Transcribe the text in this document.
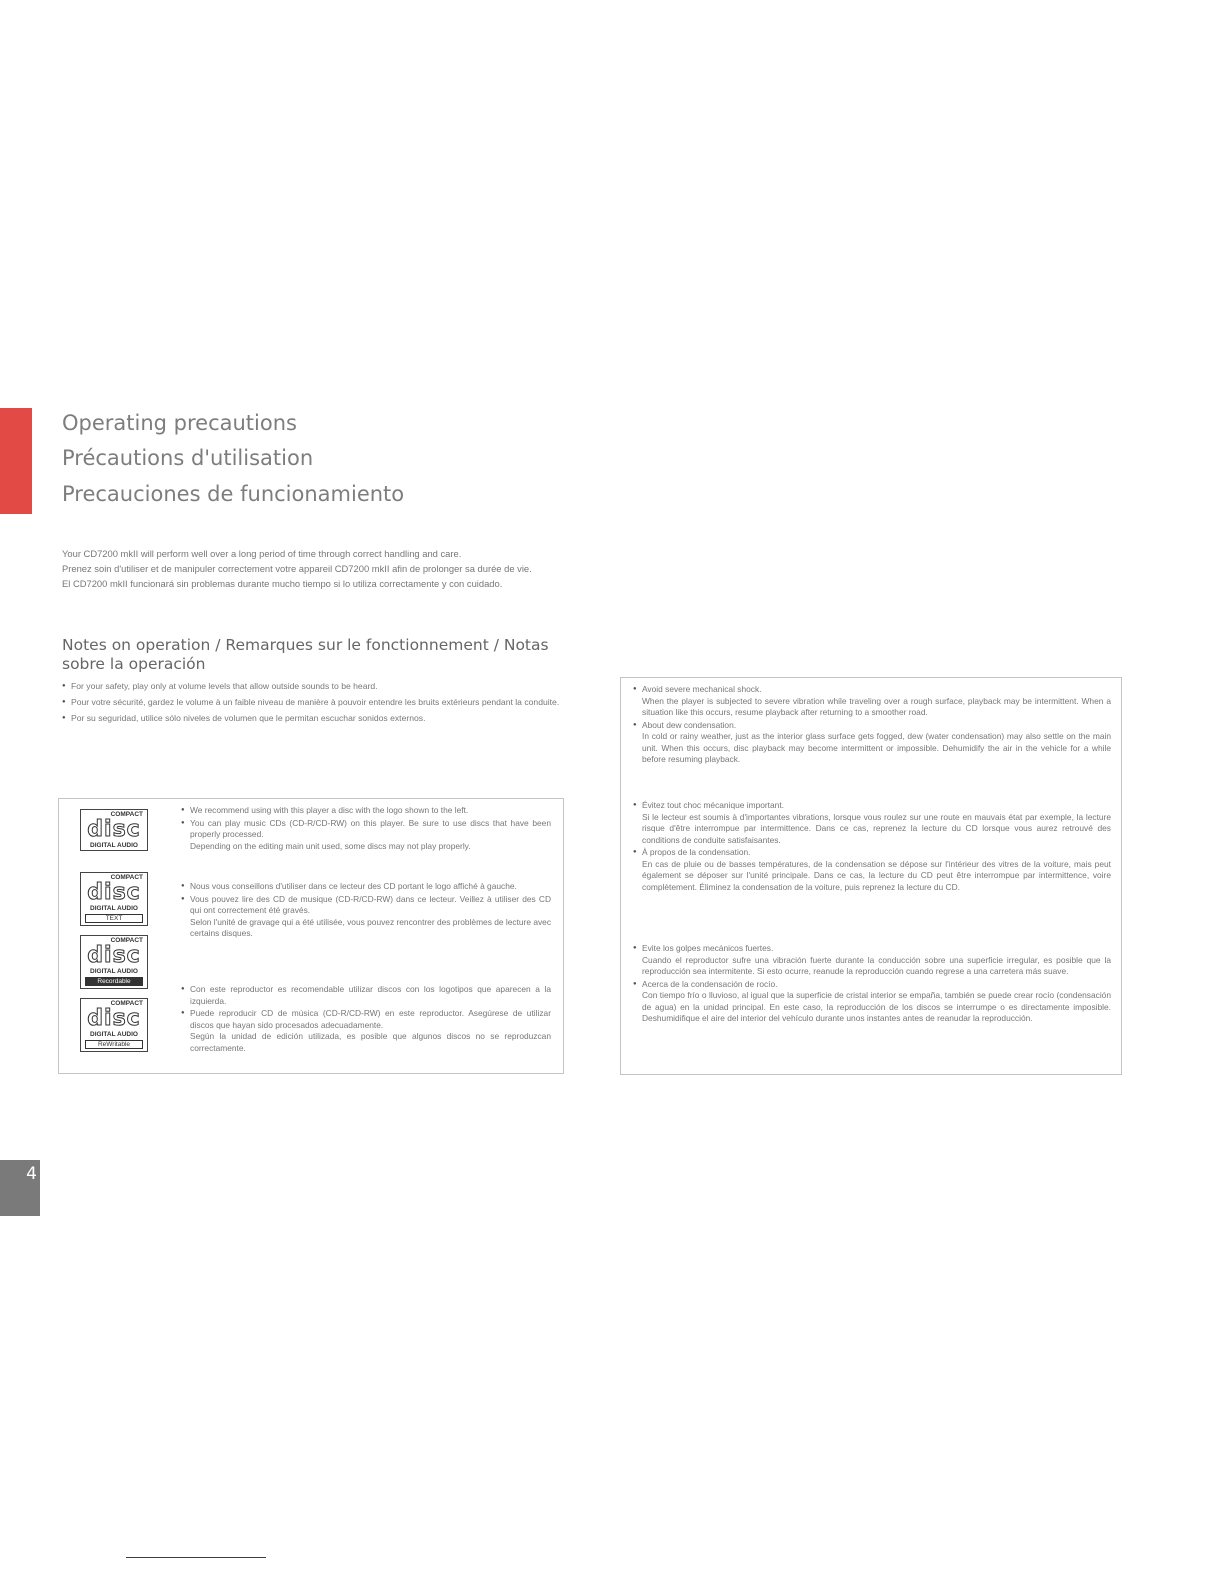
Operating precautions
Précautions d'utilisation
Precauciones de funcionamiento

Your CD7200 mkII will perform well over a long period of time through correct handling and care.

Prenez soin d'utiliser et de manipuler correctement votre appareil CD7200 mkII afin de prolonger sa durée de vie.

El CD7200 mkII funcionará sin problemas durante mucho tiempo si lo utiliza correctamente y con cuidado.

Notes on operation / Remarques sur le fonctionnement / Notas sobre la operación
● For your safety, play only at volume levels that allow outside sounds to be heard.
● Pour votre sécurité, gardez le volume à un faible niveau de manière à pouvoir entendre les bruits extérieurs pendant la conduite.
● Por su seguridad, utilice sólo niveles de volumen que le permitan escuchar sonidos externos.
COMPACT
disc
DIGITAL AUDIO
COMPACT
disc
DIGITAL AUDIO
TEXT
COMPACT
disc
DIGITAL AUDIO
Recordable
COMPACT
disc
DIGITAL AUDIO
ReWritable
● We recommend using with this player a disc with the logo shown to the left.
● You can play music CDs (CD-R/CD-RW) on this player. Be sure to use discs that have been properly processed.
Depending on the editing main unit used, some discs may not play properly.
● Nous vous conseillons d'utiliser dans ce lecteur des CD portant le logo affiché à gauche.
● Vous pouvez lire des CD de musique (CD-R/CD-RW) dans ce lecteur. Veillez à utiliser des CD qui ont correctement été gravés.
Selon l'unité de gravage qui a été utilisée, vous pouvez rencontrer des problèmes de lecture avec certains disques.
● Con este reproductor es recomendable utilizar discos con los logotipos que aparecen a la izquierda.
● Puede reproducir CD de música (CD-R/CD-RW) en este reproductor. Asegúrese de utilizar discos que hayan sido procesados adecuadamente.
Según la unidad de edición utilizada, es posible que algunos discos no se reproduzcan correctamente.
● Avoid severe mechanical shock.
When the player is subjected to severe vibration while traveling over a rough surface, playback may be intermittent. When a situation like this occurs, resume playback after returning to a smoother road.
● About dew condensation.
In cold or rainy weather, just as the interior glass surface gets fogged, dew (water condensation) may also settle on the main unit. When this occurs, disc playback may become intermittent or impossible. Dehumidify the air in the vehicle for a while before resuming playback.
● Évitez tout choc mécanique important.
Si le lecteur est soumis à d'importantes vibrations, lorsque vous roulez sur une route en mauvais état par exemple, la lecture risque d'être interrompue par intermittence. Dans ce cas, reprenez la lecture du CD lorsque vous aurez retrouvé des conditions de conduite satisfaisantes.
● À propos de la condensation.
En cas de pluie ou de basses températures, de la condensation se dépose sur l'intérieur des vitres de la voiture, mais peut également se déposer sur l'unité principale. Dans ce cas, la lecture du CD peut être interrompue par intermittence, voire complètement. Éliminez la condensation de la voiture, puis reprenez la lecture du CD.
● Evite los golpes mecánicos fuertes.
Cuando el reproductor sufre una vibración fuerte durante la conducción sobre una superficie irregular, es posible que la reproducción sea intermitente. Si esto ocurre, reanude la reproducción cuando regrese a una carretera más suave.
● Acerca de la condensación de rocío.
Con tiempo frío o lluvioso, al igual que la superficie de cristal interior se empaña, también se puede crear rocío (condensación de agua) en la unidad principal. En este caso, la reproducción de los discos se interrumpe o es directamente imposible. Deshumidifique el aire del interior del vehículo durante unos instantes antes de reanudar la reproducción.
4
